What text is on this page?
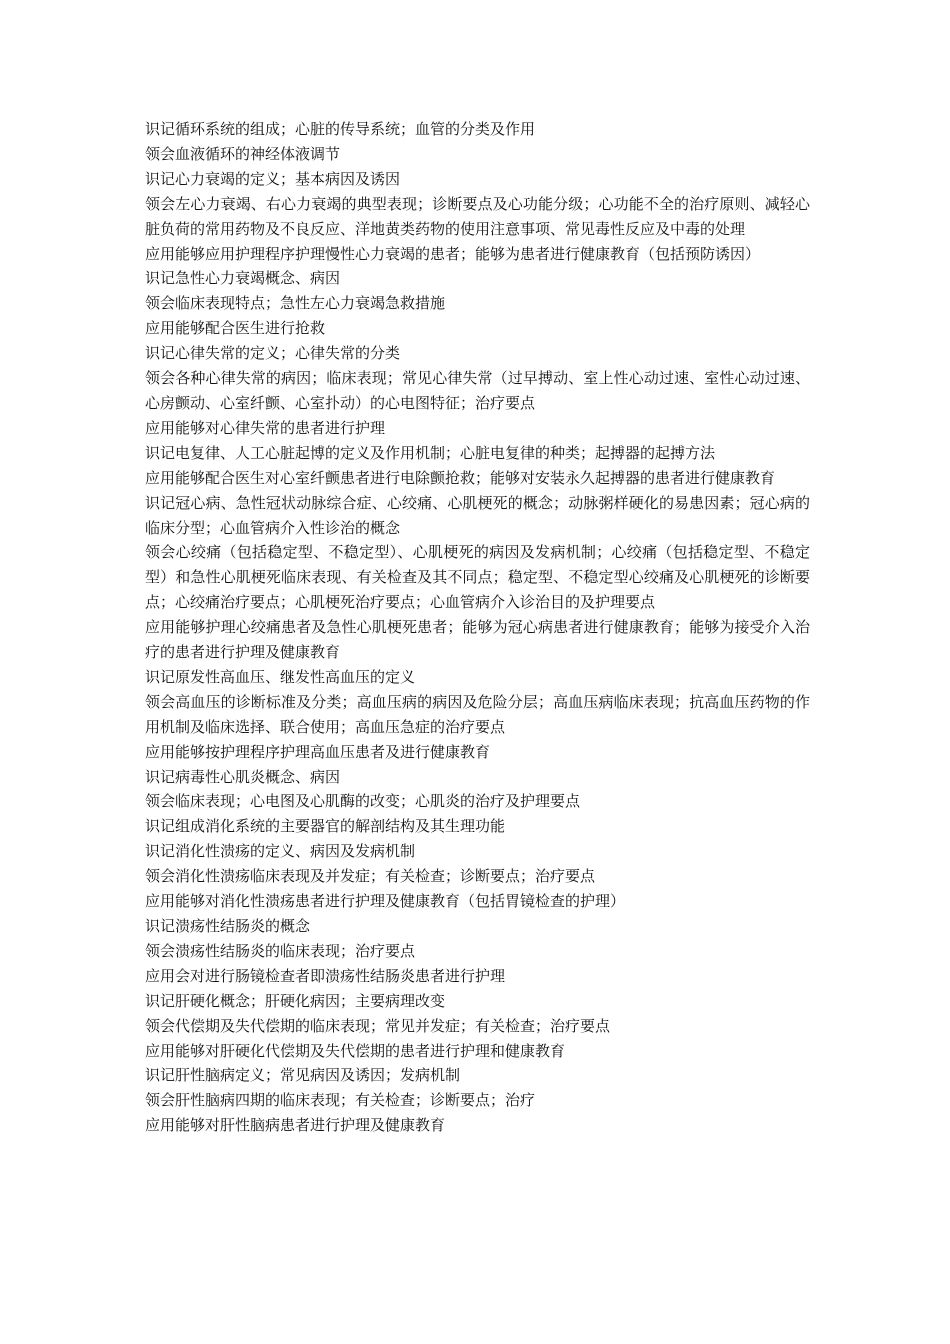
识记循环系统的组成；心脏的传导系统；血管的分类及作用

领会血液循环的神经体液调节

识记心力衰竭的定义；基本病因及诱因

领会左心力衰竭、右心力衰竭的典型表现；诊断要点及心功能分级；心功能不全的治疗原则、减轻心脏负荷的常用药物及不良反应、洋地黄类药物的使用注意事项、常见毒性反应及中毒的处理

应用能够应用护理程序护理慢性心力衰竭的患者；能够为患者进行健康教育（包括预防诱因）

识记急性心力衰竭概念、病因

领会临床表现特点；急性左心力衰竭急救措施

应用能够配合医生进行抢救

识记心律失常的定义；心律失常的分类

领会各种心律失常的病因；临床表现；常见心律失常（过早搏动、室上性心动过速、室性心动过速、心房颤动、心室纤颤、心室扑动）的心电图特征；治疗要点

应用能够对心律失常的患者进行护理

识记电复律、人工心脏起博的定义及作用机制；心脏电复律的种类；起搏器的起搏方法

应用能够配合医生对心室纤颤患者进行电除颤抢救；能够对安装永久起搏器的患者进行健康教育

识记冠心病、急性冠状动脉综合症、心绞痛、心肌梗死的概念；动脉粥样硬化的易患因素；冠心病的临床分型；心血管病介入性诊治的概念

领会心绞痛（包括稳定型、不稳定型）、心肌梗死的病因及发病机制；心绞痛（包括稳定型、不稳定型）和急性心肌梗死临床表现、有关检查及其不同点；稳定型、不稳定型心绞痛及心肌梗死的诊断要点；心绞痛治疗要点；心肌梗死治疗要点；心血管病介入诊治目的及护理要点

应用能够护理心绞痛患者及急性心肌梗死患者；能够为冠心病患者进行健康教育；能够为接受介入治疗的患者进行护理及健康教育

识记原发性高血压、继发性高血压的定义

领会高血压的诊断标准及分类；高血压病的病因及危险分层；高血压病临床表现；抗高血压药物的作用机制及临床选择、联合使用；高血压急症的治疗要点

应用能够按护理程序护理高血压患者及进行健康教育

识记病毒性心肌炎概念、病因

领会临床表现；心电图及心肌酶的改变；心肌炎的治疗及护理要点

识记组成消化系统的主要器官的解剖结构及其生理功能

识记消化性溃疡的定义、病因及发病机制

领会消化性溃疡临床表现及并发症；有关检查；诊断要点；治疗要点

应用能够对消化性溃疡患者进行护理及健康教育（包括胃镜检查的护理）

识记溃疡性结肠炎的概念

领会溃疡性结肠炎的临床表现；治疗要点

应用会对进行肠镜检查者即溃疡性结肠炎患者进行护理

识记肝硬化概念；肝硬化病因；主要病理改变

领会代偿期及失代偿期的临床表现；常见并发症；有关检查；治疗要点

应用能够对肝硬化代偿期及失代偿期的患者进行护理和健康教育

识记肝性脑病定义；常见病因及诱因；发病机制

领会肝性脑病四期的临床表现；有关检查；诊断要点；治疗

应用能够对肝性脑病患者进行护理及健康教育
